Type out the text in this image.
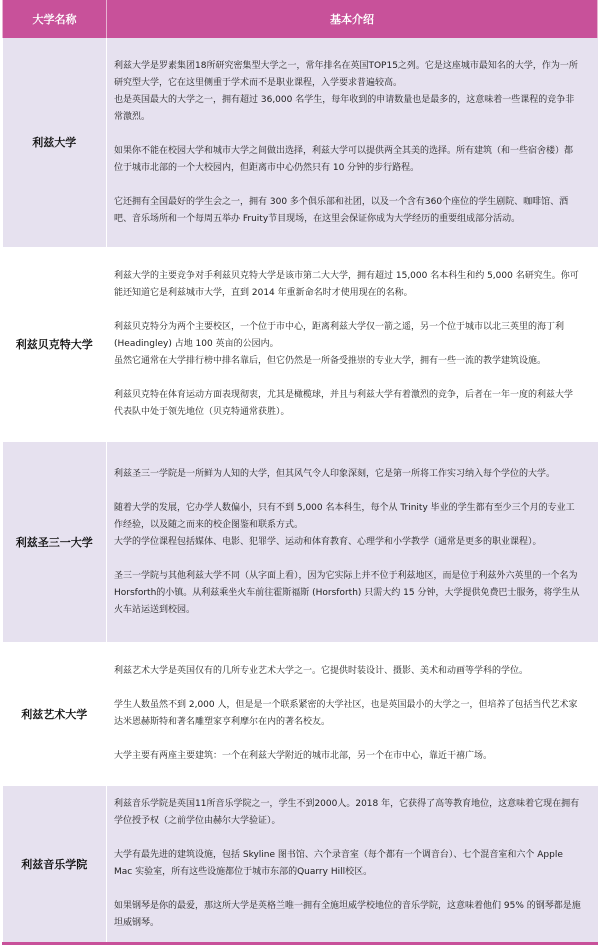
大学名称	基本介绍
利兹大学	利兹大学是罗素集团18所研究密集型大学之一，常年排名在英国TOP15之列。它是这座城市最知名的大学，作为一所研究型大学，它在这里侧重于学术而不是职业课程，入学要求普遍较高。

也是英国最大的大学之一，拥有超过 36,000 名学生，每年收到的申请数量也是最多的，这意味着一些课程的竞争非常激烈。

如果你不能在校园大学和城市大学之间做出选择，利兹大学可以提供两全其美的选择。所有建筑（和一些宿舍楼）都位于城市北部的一个大校园内，但距离市中心仍然只有 10 分钟的步行路程。

它还拥有全国最好的学生会之一，拥有 300 多个俱乐部和社团，以及一个含有360个座位的学生剧院、咖啡馆、酒吧、音乐场所和一个每周五举办 Fruity节目现场，在这里会保证你成为大学经历的重要组成部分活动。

利兹贝克特大学	利兹大学的主要竞争对手利兹贝克特大学是该市第二大大学，拥有超过 15,000 名本科生和约 5,000 名研究生。你可能还知道它是利兹城市大学，直到 2014 年重新命名时才使用现在的名称。

利兹贝克特分为两个主要校区，一个位于市中心，距离利兹大学仅一箭之遥，另一个位于城市以北三英里的海丁利 (Headingley) 占地 100 英亩的公园内。

虽然它通常在大学排行榜中排名靠后，但它仍然是一所备受推崇的专业大学，拥有一些一流的教学建筑设施。

利兹贝克特在体育运动方面表现彻衷，尤其是橄榄球，并且与利兹大学有着激烈的竞争，后者在一年一度的利兹大学代表队中处于领先地位（贝克特通常获胜）。

利兹圣三一大学	利兹圣三一学院是一所鲜为人知的大学，但其风气令人印象深刻，它是第一所将工作实习纳入每个学位的大学。

随着大学的发展，它办学人数偏小，只有不到 5,000 名本科生，每个从 Trinity 毕业的学生都有至少三个月的专业工作经验，以及随之而来的校企图鉴和联系方式。

大学的学位课程包括媒体、电影、犯罪学、运动和体育教育、心理学和小学教学（通常是更多的职业课程）。

圣三一学院与其他利兹大学不同（从字面上看），因为它实际上并不位于利兹地区，而是位于利兹外六英里的一个名为Horsforth的小镇。从利兹乘坐火车前往霍斯福斯 (Horsforth) 只需大约 15 分钟，大学提供免费巴士服务，将学生从火车站运送到校园。

利兹艺术大学	利兹艺术大学是英国仅有的几所专业艺术大学之一。它提供时装设计、摄影、美术和动画等学科的学位。

学生人数虽然不到 2,000 人，但是是一个联系紧密的大学社区，也是英国最小的大学之一，但培养了包括当代艺术家达米恩赫斯特和著名雕塑家亨利摩尔在内的著名校友。

大学主要有两座主要建筑：一个在利兹大学附近的城市北部，另一个在市中心，靠近干禧广场。

利兹音乐学院	利兹音乐学院是英国11所音乐学院之一，学生不到2000人。2018 年，它获得了高等教育地位，这意味着它现在拥有学位授予权（之前学位由赫尔大学验证）。

大学有最先进的建筑设施，包括 Skyline 图书馆、六个录音室（每个都有一个调音台）、七个混音室和六个 Apple Mac 实验室，所有这些设施都位于城市东部的Quarry Hill校区。

如果钢琴是你的最爱，那这所大学是英格兰唯一拥有全施坦威学校地位的音乐学院，这意味着他们 95% 的钢琴都是施坦威钢琴。
